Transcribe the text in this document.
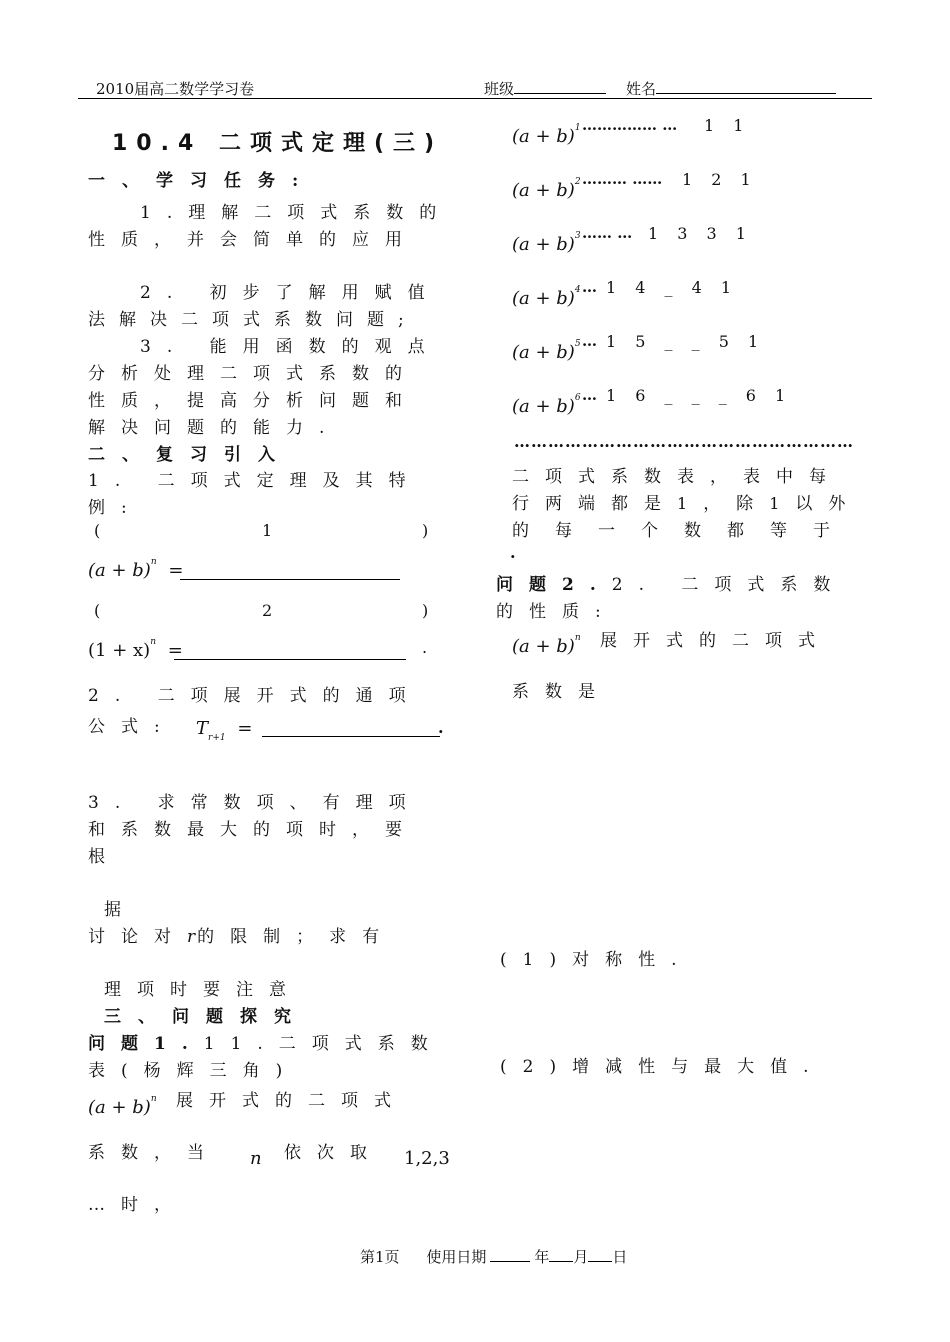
2010届高二数学学习卷	班级	姓名
10.4 二项式定理(三)
一、学习任务:
1.理解二项式系数的
性质，并会简单的应用
2. 初步了解用赋值
法解决二项式系数问题;
3. 能用函数的观点
分析处理二项式系数的
性质，提高分析问题和
解决问题的能力.
二、复习引入
1. 二项式定理及其特
例:
(	1	)
$(a + b)^n$ =
(	2	)
$(1 + x)^n$ =	.
2. 二项展开式的通项
公式: $T_{r+1}$ =	.
3. 求常数项、有理项
和系数最大的项时，要
根
据
讨论对r的限制；求有
理项时要注意
三、问题探究
问题1.11.二项式系数
表(杨辉三角)
$(a + b)^n$ 展开式的二项式
系数，当 n 依次取 1,2,3
…时，
$(a + b)^1$ …………… … 1 1
$(a + b)^2$ ……… …… 1 2 1
$(a + b)^3$ …… … 1 3 3 1
$(a + b)^4$ … 1 4 _ 4 1
$(a + b)^5$ … 1 5 _ _ 5 1
$(a + b)^6$ … 1 6 _ _ _ 6 1
……………………………………………………
二项式系数表，表中每
行两端都是1，除1以外
的每一个数都等于
.
问题2.2. 二项式系数
的性质:
$(a + b)^n$ 展开式的二项式
系数是
(1)对称性.
(2)增减性与最大值.
第1页 使用日期	年 月 日
